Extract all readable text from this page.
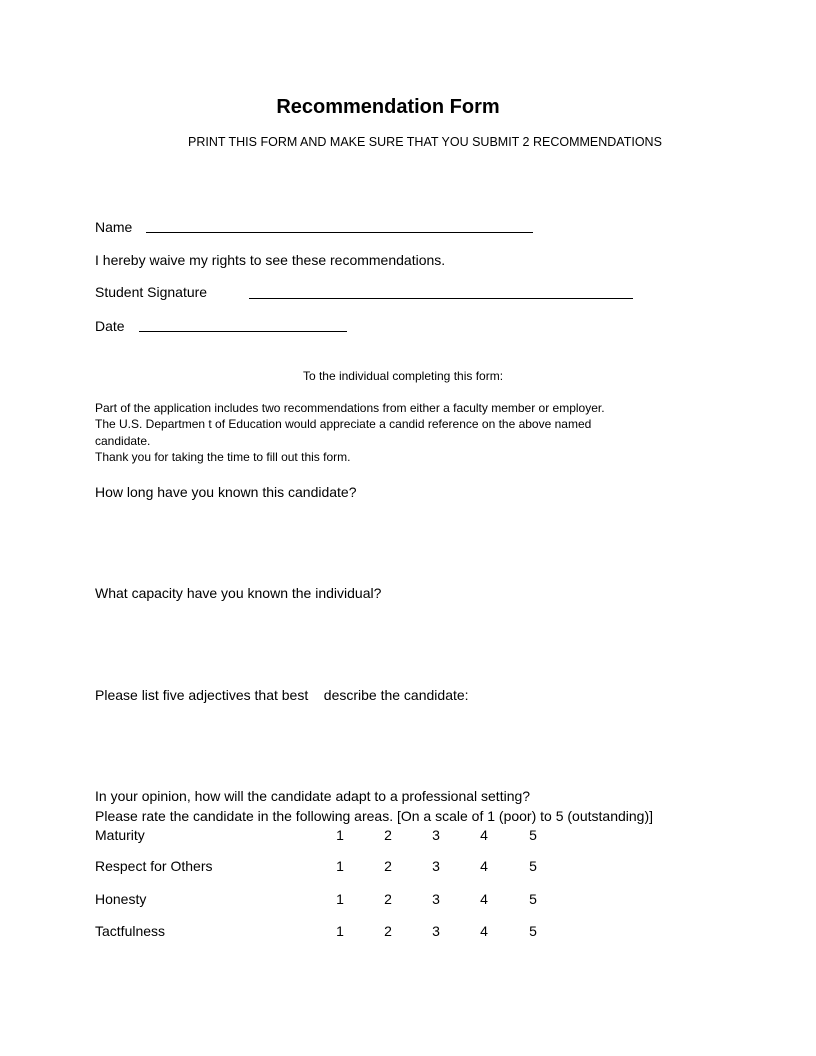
Recommendation Form
PRINT THIS FORM AND MAKE SURE THAT YOU SUBMIT 2 RECOMMENDATIONS
Name
I hereby waive my rights to see these recommendations.
Student Signature
Date
To the individual completing this form:
Part of the application includes two recommendations from either a faculty member or employer.
The U.S. Departmen t of Education would appreciate a candid reference on the above named
candidate.
Thank you for taking the time to fill out this form.
How long have you known this candidate?
What capacity have you known the individual?
Please list five adjectives that best    describe the candidate:
In your opinion, how will the candidate adapt to a professional setting?
Please rate the candidate in the following areas. [On a scale of 1 (poor) to 5 (outstanding)]
Maturity	1	2	3	4	5
Respect for Others	1	2	3	4	5
Honesty	1	2	3	4	5
Tactfulness	1	2	3	4	5
